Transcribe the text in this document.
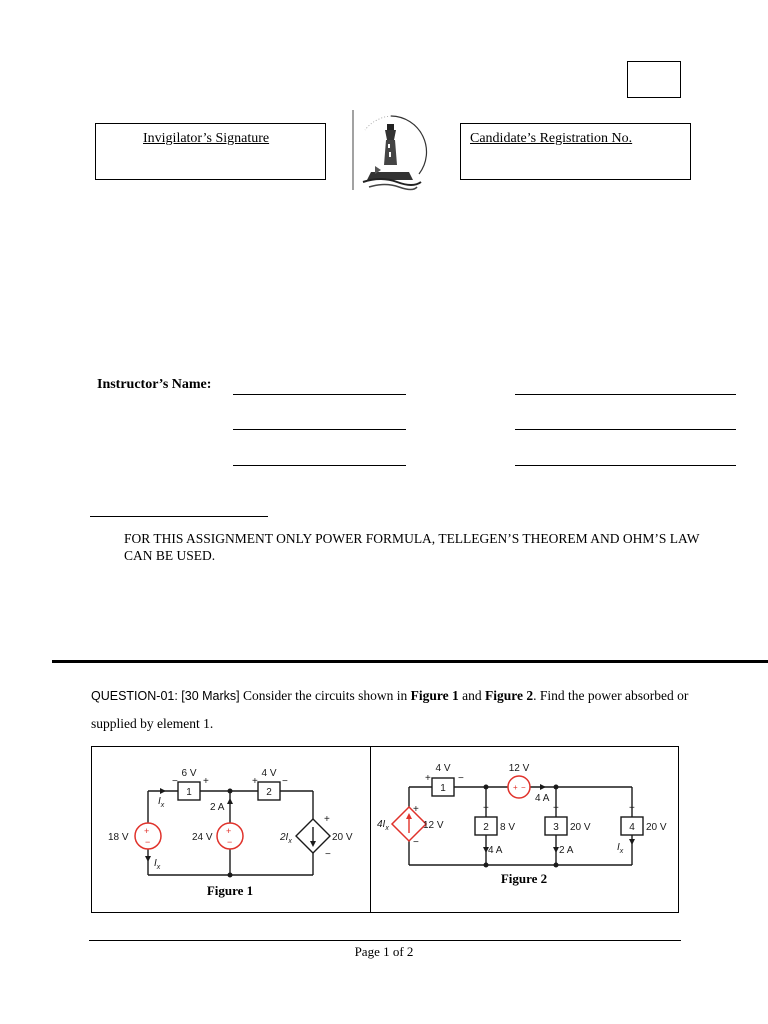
Invigilator’s Signature	Candidate’s Registration No.
Instructor’s Name:
FOR THIS ASSIGNMENT ONLY POWER FORMULA, TELLEGEN’S THEOREM AND OHM’S LAW CAN BE USED.
QUESTION-01: [30 Marks] Consider the circuits shown in Figure 1 and Figure 2. Find the power absorbed or supplied by element 1.
1	2
6 V	4 V
−	+	+ −
+
−
+
−
18 V	24 V
2 A
$I_x$
$I_x$
$2I_x$	20 V
+
−
Figure 1
1
4 V
+	−
12 V
+ −
4 A
$4I_x$	12 V
+
−
2 8 V
+
4 A
3 20 V
+
2 A
4 20 V
+
$I_x$
Figure 2
Page 1 of 2
